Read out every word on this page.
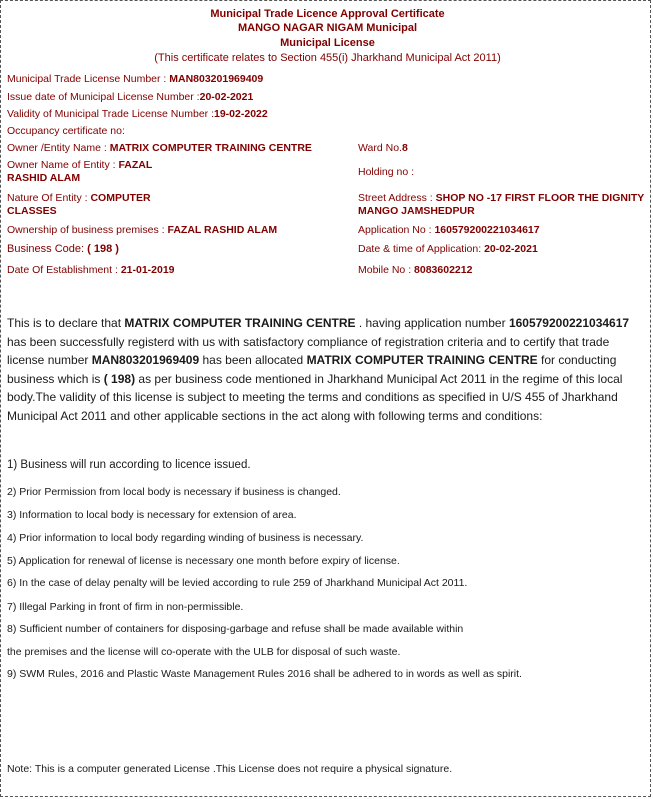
Municipal Trade Licence Approval Certificate
MANGO NAGAR NIGAM Municipal
Municipal License
(This certificate relates to Section 455(i) Jharkhand Municipal Act 2011)
Municipal Trade License Number : MAN803201969409
Issue date of Municipal License Number :20-02-2021
Validity of Municipal Trade License Number :19-02-2022
Occupancy certificate no:
Owner /Entity Name : MATRIX COMPUTER TRAINING CENTRE
Owner Name of Entity : FAZAL
RASHID ALAM
Nature Of Entity : COMPUTER
CLASSES
Ownership of business premises : FAZAL RASHID ALAM
Business Code: ( 198 )
Date Of Establishment : 21-01-2019
Ward No.8
Holding no :
Street Address : SHOP NO -17 FIRST FLOOR THE DIGNITY
MANGO JAMSHEDPUR
Application No : 160579200221034617
Date & time of Application: 20-02-2021
Mobile No : 8083602212
This is to declare that MATRIX COMPUTER TRAINING CENTRE . having application number 160579200221034617 has been successfully registerd with us with satisfactory compliance of registration criteria and to certify that trade license number MAN803201969409 has been allocated MATRIX COMPUTER TRAINING CENTRE for conducting business which is ( 198) as per business code mentioned in Jharkhand Municipal Act 2011 in the regime of this local body.The validity of this license is subject to meeting the terms and conditions as specified in U/S 455 of Jharkhand Municipal Act 2011 and other applicable sections in the act along with following terms and conditions:
1) Business will run according to licence issued.
2) Prior Permission from local body is necessary if business is changed.
3) Information to local body is necessary for extension of area.
4) Prior information to local body regarding winding of business is necessary.
5) Application for renewal of license is necessary one month before expiry of license.
6) In the case of delay penalty will be levied according to rule 259 of Jharkhand Municipal Act 2011.
7) Illegal Parking in front of firm in non-permissible.
8) Sufficient number of containers for disposing-garbage and refuse shall be made available within
the premises and the license will co-operate with the ULB for disposal of such waste.
9) SWM Rules, 2016 and Plastic Waste Management Rules 2016 shall be adhered to in words as well as spirit.
Note: This is a computer generated License .This License does not require a physical signature.
